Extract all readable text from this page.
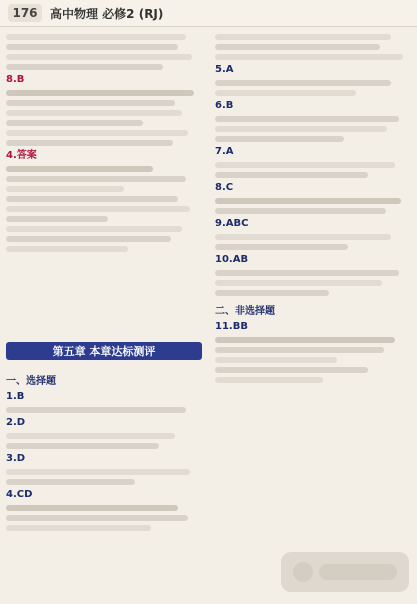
176	高中物理 必修2 (RJ)
8.B
4.答案
第五章 本章达标测评
一、选择题
1.B
2.D
3.D
4.CD
5.A
6.B
7.A
8.C
9.ABC
10.AB
二、非选择题
11.BB
